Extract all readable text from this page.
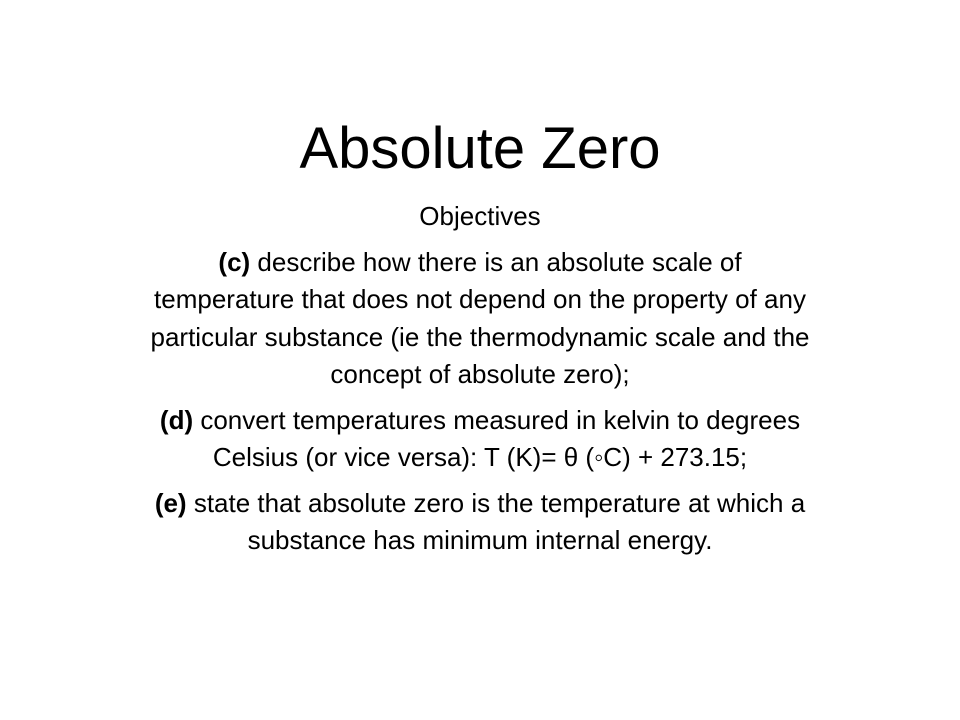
Absolute Zero

Objectives

(c) describe how there is an absolute scale of temperature that does not depend on the property of any particular substance (ie the thermodynamic scale and the concept of absolute zero);

(d) convert temperatures measured in kelvin to degrees Celsius (or vice versa): T (K)= θ (◦C) + 273.15;

(e) state that absolute zero is the temperature at which a substance has minimum internal energy.
